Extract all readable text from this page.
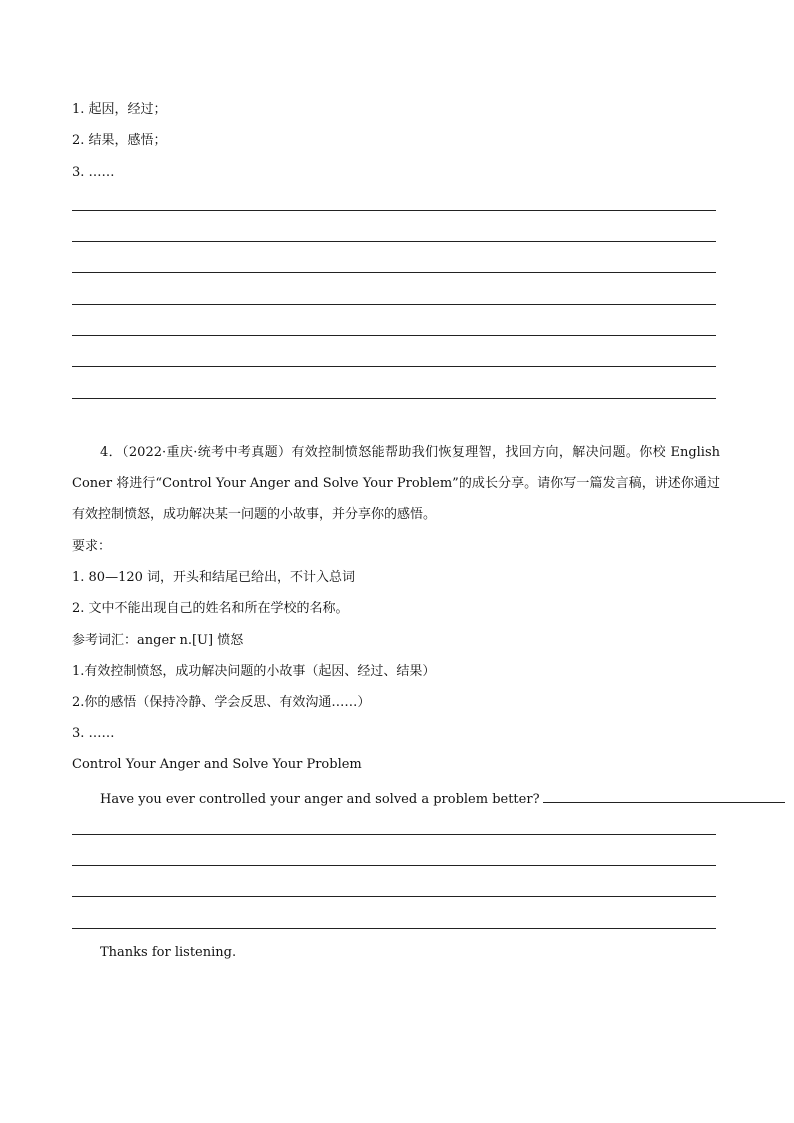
1. 起因，经过；
2. 结果，感悟；
3. ……
4．（2022·重庆·统考中考真题）有效控制愤怒能帮助我们恢复理智，找回方向，解决问题。你校 English Coner 将进行“Control Your Anger and Solve Your Problem”的成长分享。请你写一篇发言稿，讲述你通过有效控制愤怒，成功解决某一问题的小故事，并分享你的感悟。
要求：
1. 80—120 词，开头和结尾已给出，不计入总词
2. 文中不能出现自己的姓名和所在学校的名称。
参考词汇：anger n.[U] 愤怒
1.有效控制愤怒，成功解决问题的小故事（起因、经过、结果）
2.你的感悟（保持冷静、学会反思、有效沟通……）
3. ……
Control Your Anger and Solve Your Problem
Have you ever controlled your anger and solved a problem better?
Thanks for listening.
